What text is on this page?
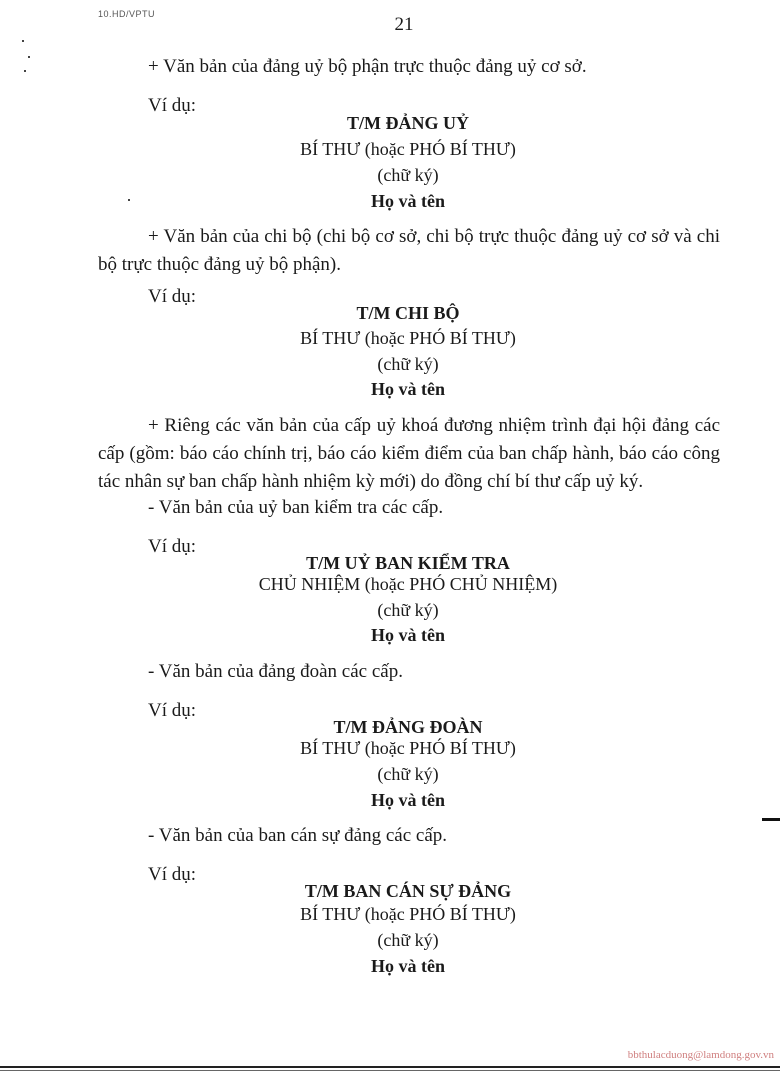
10.HD/VPTU	21
+ Văn bản của đảng uỷ bộ phận trực thuộc đảng uỷ cơ sở.
Ví dụ:
T/M ĐẢNG UỶ
BÍ THƯ (hoặc PHÓ BÍ THƯ)
(chữ ký)
Họ và tên
+ Văn bản của chi bộ (chi bộ cơ sở, chi bộ trực thuộc đảng uỷ cơ sở và chi bộ trực thuộc đảng uỷ bộ phận).
Ví dụ:
T/M CHI BỘ
BÍ THƯ (hoặc PHÓ BÍ THƯ)
(chữ ký)
Họ và tên
+ Riêng các văn bản của cấp uỷ khoá đương nhiệm trình đại hội đảng các cấp (gồm: báo cáo chính trị, báo cáo kiểm điểm của ban chấp hành, báo cáo công tác nhân sự ban chấp hành nhiệm kỳ mới) do đồng chí bí thư cấp uỷ ký.
- Văn bản của uỷ ban kiểm tra các cấp.
Ví dụ:
T/M UỶ BAN KIỂM TRA
CHỦ NHIỆM (hoặc PHÓ CHỦ NHIỆM)
(chữ ký)
Họ và tên
- Văn bản của đảng đoàn các cấp.
Ví dụ:
T/M ĐẢNG ĐOÀN
BÍ THƯ (hoặc PHÓ BÍ THƯ)
(chữ ký)
Họ và tên
- Văn bản của ban cán sự đảng các cấp.
Ví dụ:
T/M BAN CÁN SỰ ĐẢNG
BÍ THƯ (hoặc PHÓ BÍ THƯ)
(chữ ký)
Họ và tên
bbthulacduong@lamdong.gov.vn
